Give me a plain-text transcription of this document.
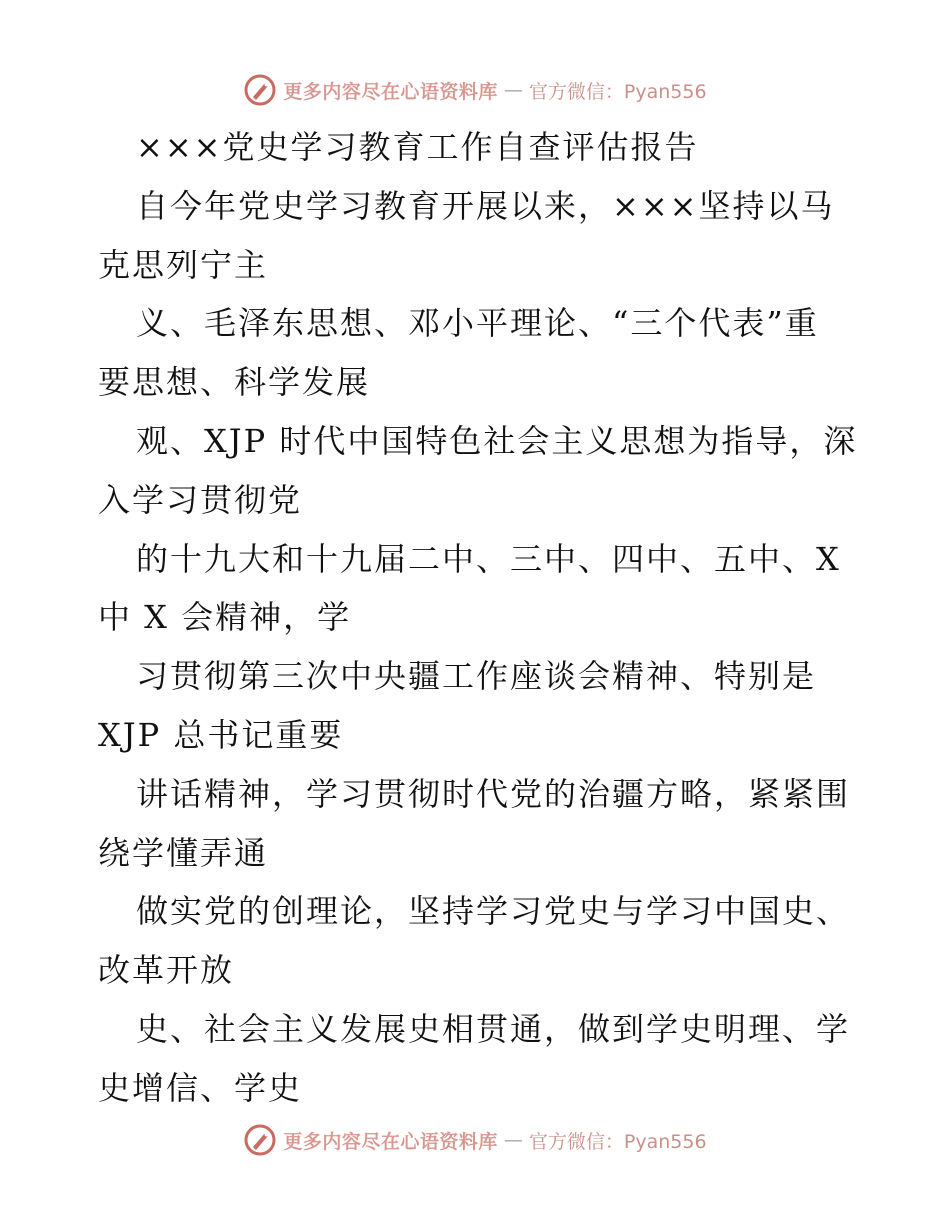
更多内容尽在心语资料库 — 官方微信：Pyan556
×××党史学习教育工作自查评估报告
自今年党史学习教育开展以来，×××坚持以马
克思列宁主
义、毛泽东思想、邓小平理论、“三个代表”重
要思想、科学发展
观、XJP 时代中国特色社会主义思想为指导，深
入学习贯彻党
的十九大和十九届二中、三中、四中、五中、X
中 X 会精神，学
习贯彻第三次中央疆工作座谈会精神、特别是
XJP 总书记重要
讲话精神，学习贯彻时代党的治疆方略，紧紧围
绕学懂弄通
做实党的创理论，坚持学习党史与学习中国史、
改革开放
史、社会主义发展史相贯通，做到学史明理、学
史增信、学史
更多内容尽在心语资料库 — 官方微信：Pyan556
